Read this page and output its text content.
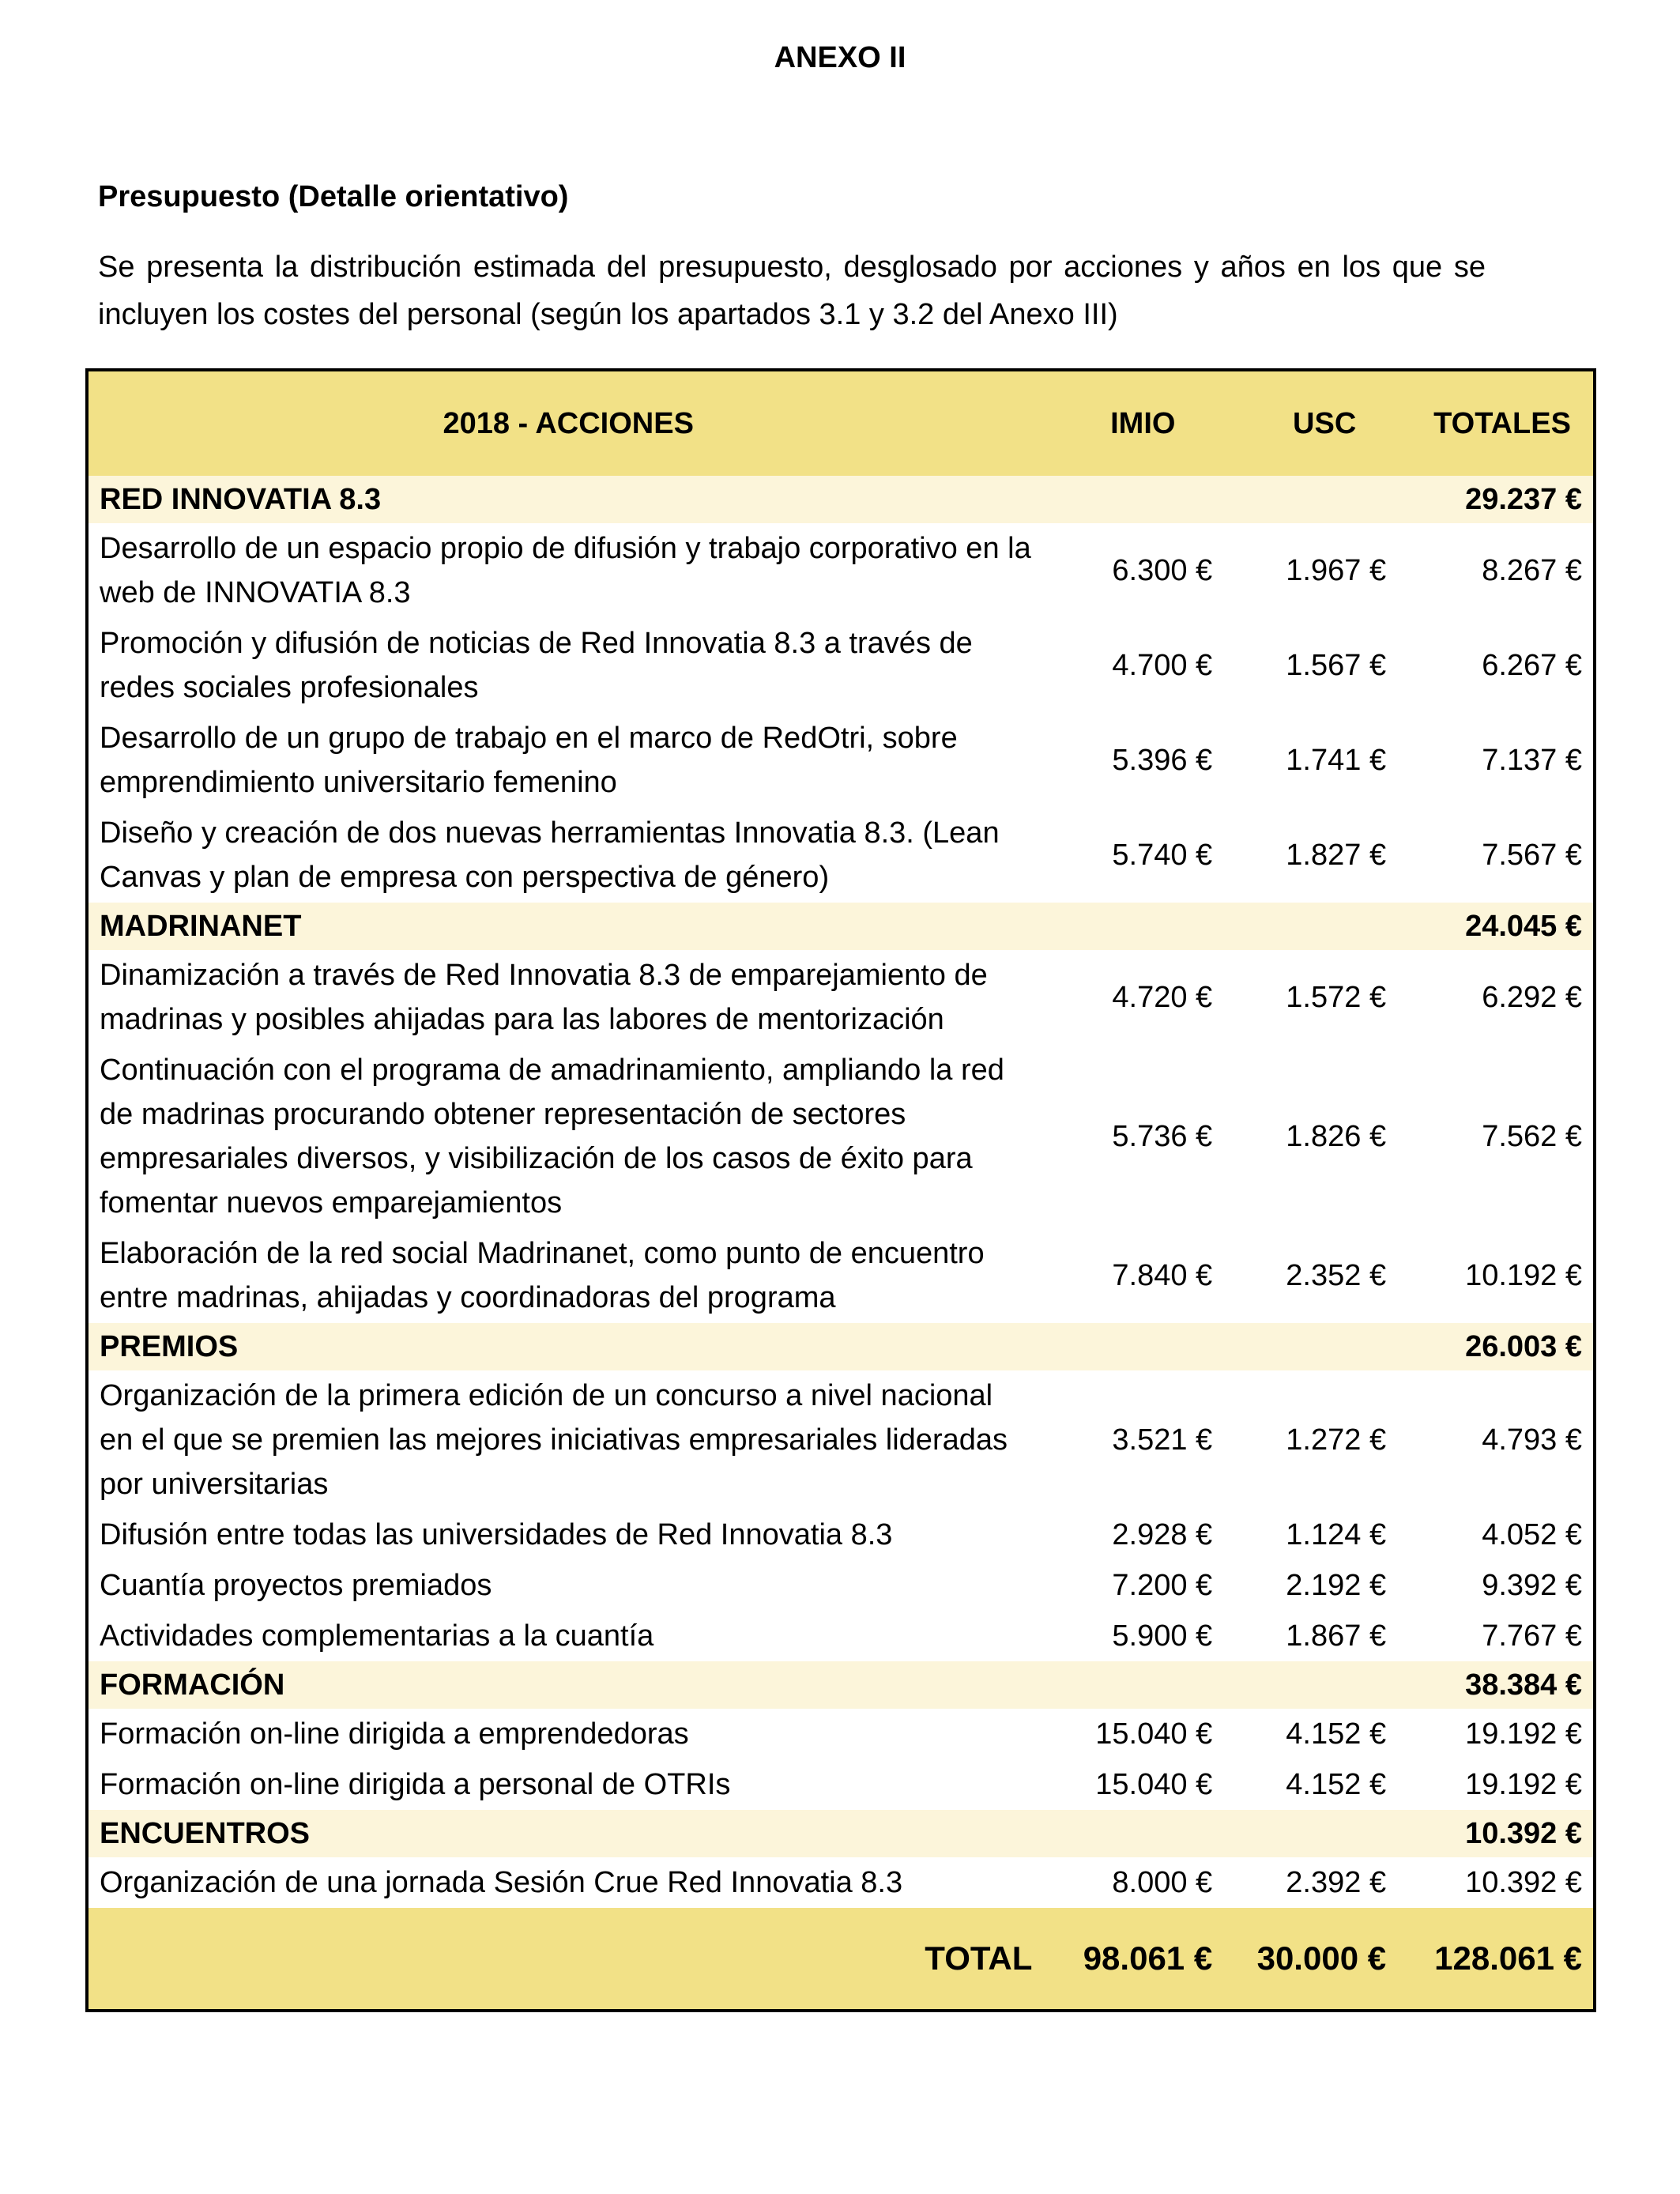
ANEXO II
Presupuesto (Detalle orientativo)
Se presenta la distribución estimada del presupuesto, desglosado por acciones y años en los que se incluyen los costes del personal (según los apartados 3.1 y 3.2 del Anexo III)
2018 - ACCIONES	IMIO	USC	TOTALES
RED INNOVATIA 8.3			29.237 €
Desarrollo de un espacio propio de difusión y trabajo corporativo en la web de INNOVATIA 8.3	6.300 €	1.967 €	8.267 €
Promoción y difusión de noticias de Red Innovatia 8.3 a través de redes sociales profesionales	4.700 €	1.567 €	6.267 €
Desarrollo de un grupo de trabajo en el marco de RedOtri, sobre emprendimiento universitario femenino	5.396 €	1.741 €	7.137 €
Diseño y creación de dos nuevas herramientas Innovatia 8.3. (Lean Canvas y plan de empresa con perspectiva de género)	5.740 €	1.827 €	7.567 €
MADRINANET			24.045 €
Dinamización a través de Red Innovatia 8.3 de emparejamiento de madrinas y posibles ahijadas para las labores de mentorización	4.720 €	1.572 €	6.292 €
Continuación con el programa de amadrinamiento, ampliando la red de madrinas procurando obtener representación de sectores empresariales diversos, y visibilización de los casos de éxito para fomentar nuevos emparejamientos	5.736 €	1.826 €	7.562 €
Elaboración de la red social Madrinanet, como punto de encuentro entre madrinas, ahijadas y coordinadoras del programa	7.840 €	2.352 €	10.192 €
PREMIOS			26.003 €
Organización de la primera edición de un concurso a nivel nacional en el que se premien las mejores iniciativas empresariales lideradas por universitarias	3.521 €	1.272 €	4.793 €
Difusión entre todas las universidades de Red Innovatia 8.3	2.928 €	1.124 €	4.052 €
Cuantía proyectos premiados	7.200 €	2.192 €	9.392 €
Actividades complementarias a la cuantía	5.900 €	1.867 €	7.767 €
FORMACIÓN			38.384 €
Formación on-line dirigida a emprendedoras	15.040 €	4.152 €	19.192 €
Formación on-line dirigida a personal de OTRIs	15.040 €	4.152 €	19.192 €
ENCUENTROS			10.392 €
Organización de una jornada Sesión Crue Red Innovatia 8.3	8.000 €	2.392 €	10.392 €
TOTAL	98.061 €	30.000 €	128.061 €
